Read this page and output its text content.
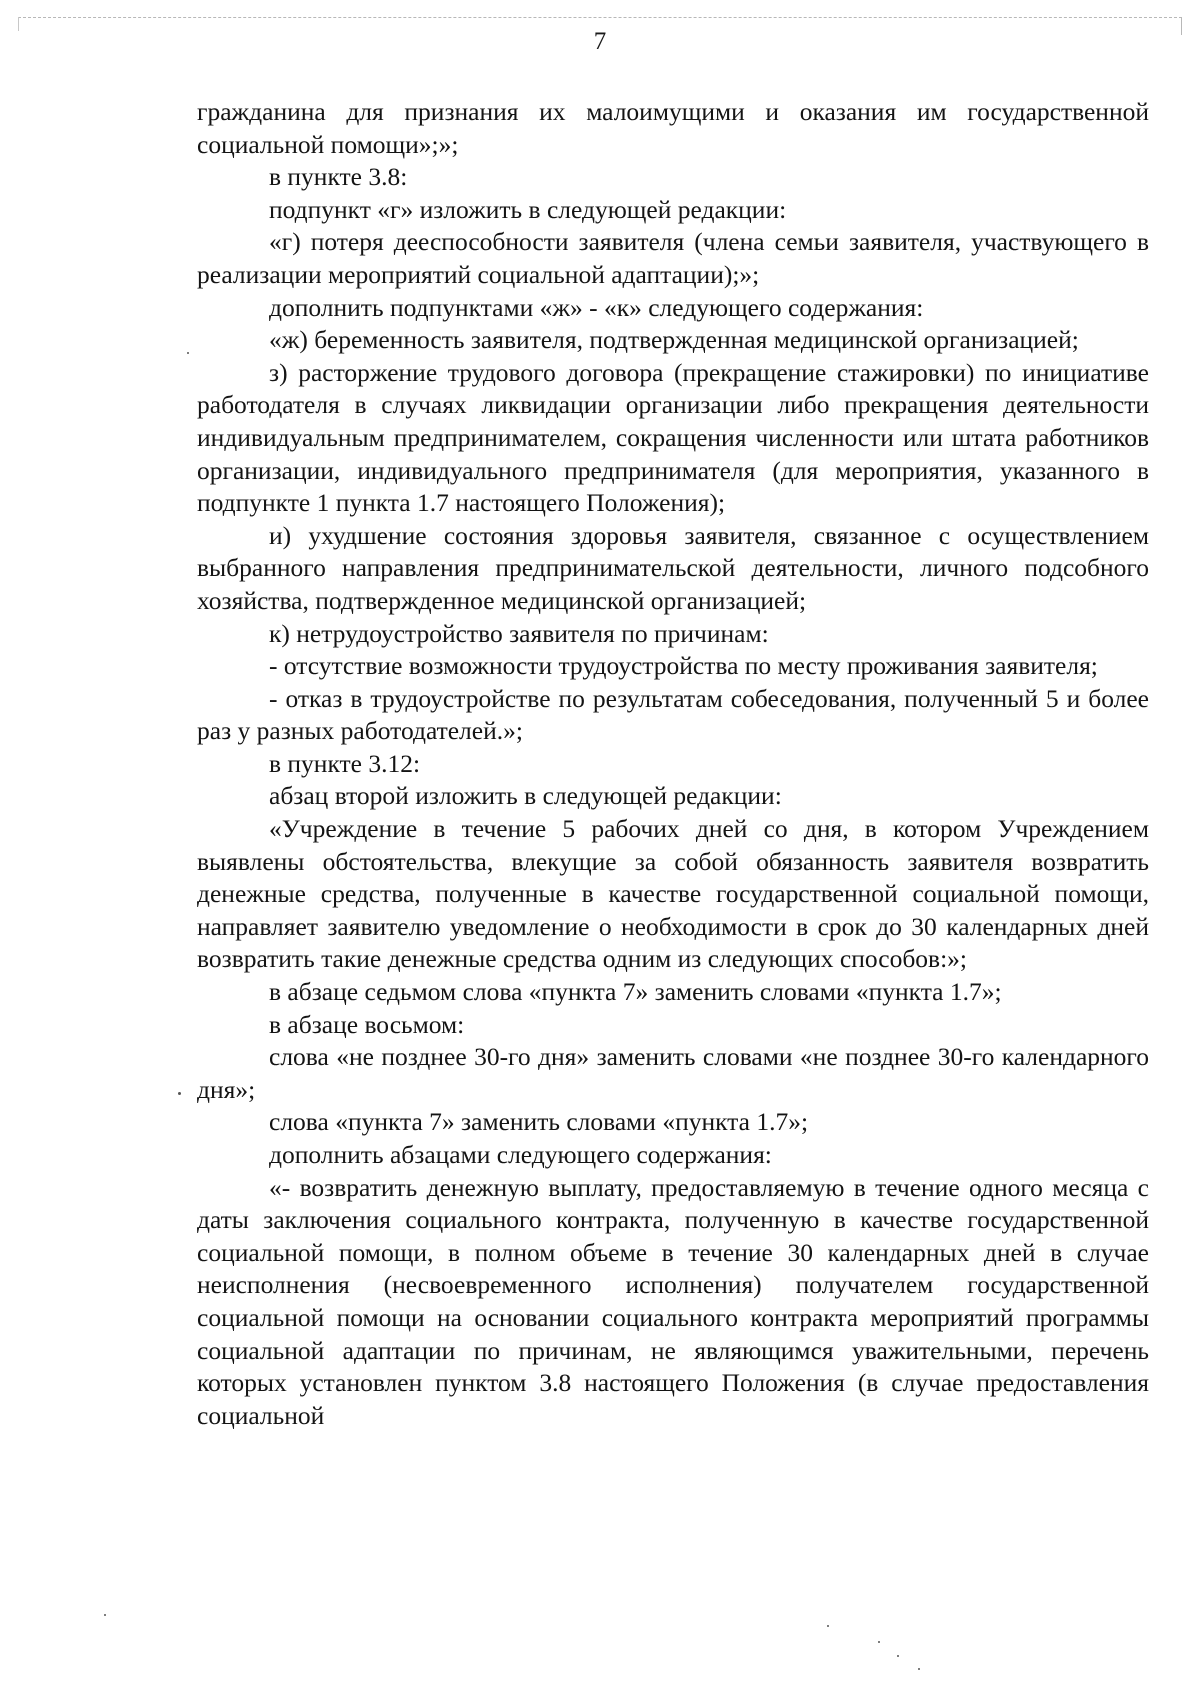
7

гражданина для признания их малоимущими и оказания им государственной социальной помощи»;»;

в пункте 3.8:

подпункт «г» изложить в следующей редакции:

«г) потеря дееспособности заявителя (члена семьи заявителя, участвующего в реализации мероприятий социальной адаптации);»;

дополнить подпунктами «ж» - «к» следующего содержания:

«ж) беременность заявителя, подтвержденная медицинской организацией;

з) расторжение трудового договора (прекращение стажировки) по инициативе работодателя в случаях ликвидации организации либо прекращения деятельности индивидуальным предпринимателем, сокращения численности или штата работников организации, индивидуального предпринимателя (для мероприятия, указанного в подпункте 1 пункта 1.7 настоящего Положения);

и) ухудшение состояния здоровья заявителя, связанное с осуществлением выбранного направления предпринимательской деятельности, личного подсобного хозяйства, подтвержденное медицинской организацией;

к) нетрудоустройство заявителя по причинам:

- отсутствие возможности трудоустройства по месту проживания заявителя;

- отказ в трудоустройстве по результатам собеседования, полученный 5 и более раз у разных работодателей.»;

в пункте 3.12:

абзац второй изложить в следующей редакции:

«Учреждение в течение 5 рабочих дней со дня, в котором Учреждением выявлены обстоятельства, влекущие за собой обязанность заявителя возвратить денежные средства, полученные в качестве государственной социальной помощи, направляет заявителю уведомление о необходимости в срок до 30 календарных дней возвратить такие денежные средства одним из следующих способов:»;

в абзаце седьмом слова «пункта 7» заменить словами «пункта 1.7»;

в абзаце восьмом:

слова «не позднее 30-го дня» заменить словами «не позднее 30-го календарного дня»;

слова «пункта 7» заменить словами «пункта 1.7»;

дополнить абзацами следующего содержания:

«- возвратить денежную выплату, предоставляемую в течение одного месяца с даты заключения социального контракта, полученную в качестве государственной социальной помощи, в полном объеме в течение 30 календарных дней в случае неисполнения (несвоевременного исполнения) получателем государственной социальной помощи на основании социального контракта мероприятий программы социальной адаптации по причинам, не являющимся уважительными, перечень которых установлен пунктом 3.8 настоящего Положения (в случае предоставления социальной
